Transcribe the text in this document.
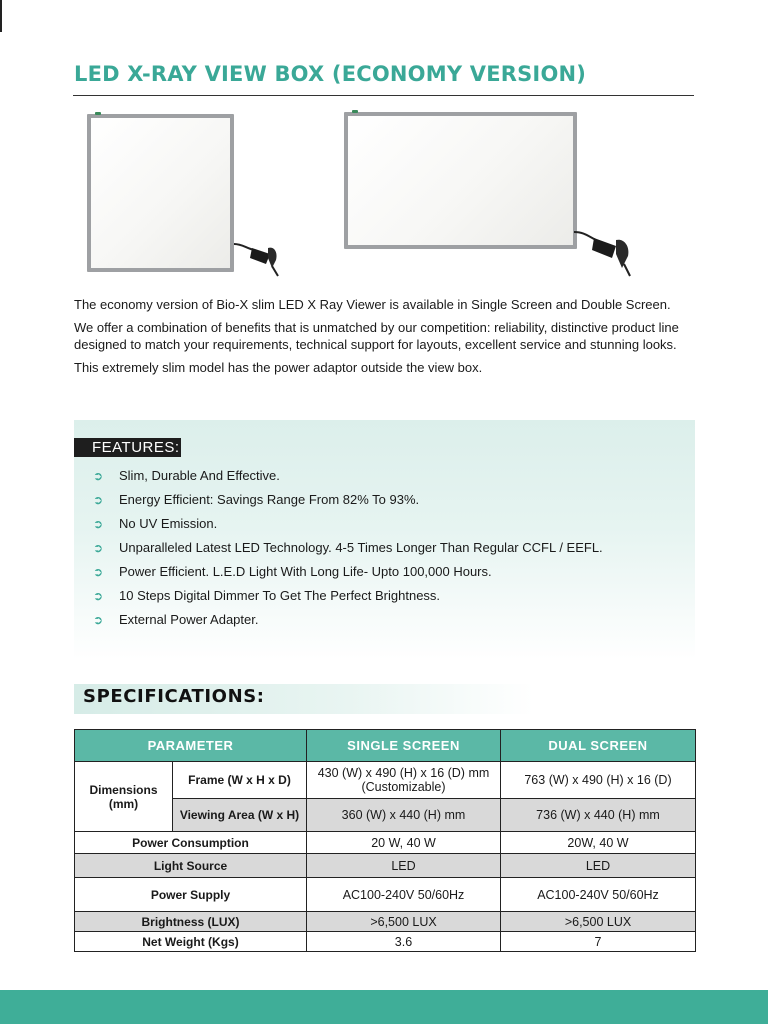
LED X-RAY VIEW BOX (ECONOMY VERSION)

The economy version of Bio-X slim LED X Ray Viewer is available in Single Screen and Double Screen.

We offer a combination of benefits that is unmatched by our competition: reliability, distinctive product line designed to match your requirements, technical support for layouts, excellent service and stunning looks.

This extremely slim model has the power adaptor outside the view box.

FEATURES:
➲	Slim, Durable And Effective.
➲	Energy Efficient: Savings Range From 82% To 93%.
➲	No UV Emission.
➲	Unparalleled Latest LED Technology. 4-5 Times Longer Than Regular CCFL / EEFL.
➲	Power Efficient. L.E.D Light With Long Life- Upto 100,000 Hours.
➲	10 Steps Digital Dimmer To Get The Perfect Brightness.
➲	External Power Adapter.
SPECIFICATIONS:
PARAMETER		SINGLE SCREEN	DUAL SCREEN
Dimensions (mm)	Frame (W x H x D)	430 (W) x 490 (H) x 16 (D) mm (Customizable)	763 (W) x 490 (H) x 16 (D)
	Viewing Area (W x H)	360 (W) x 440 (H) mm	736 (W) x 440 (H) mm
Power Consumption		20 W, 40 W	20W, 40 W
Light Source		LED	LED
Power Supply		AC100-240V 50/60Hz	AC100-240V 50/60Hz
Brightness (LUX)		>6,500 LUX	>6,500 LUX
Net Weight (Kgs)		3.6	7
